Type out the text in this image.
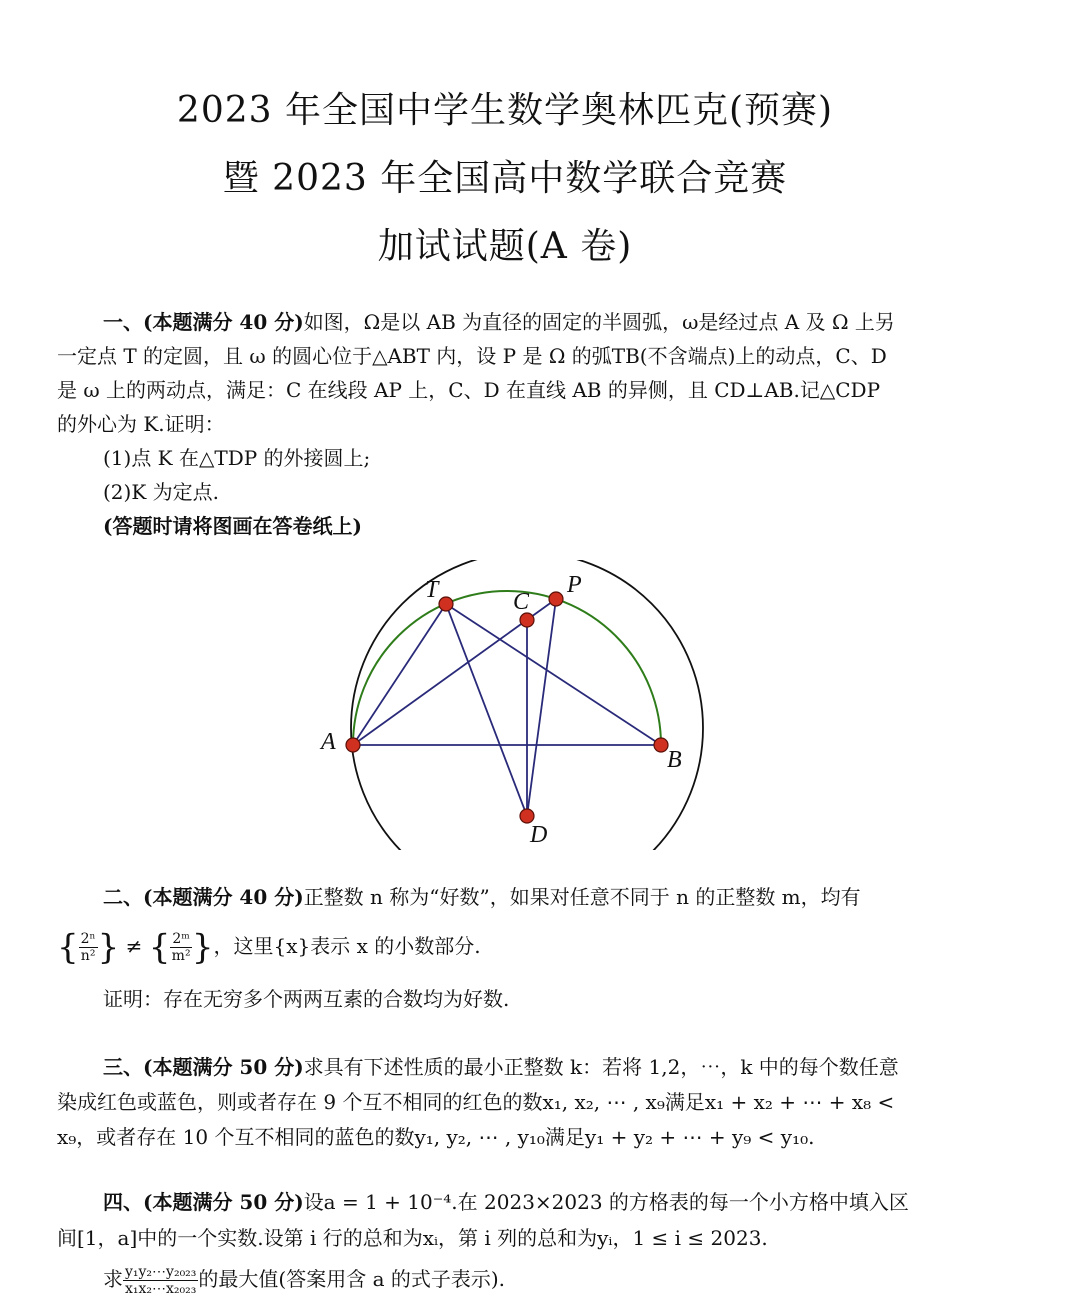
2023 年全国中学生数学奥林匹克(预赛)
暨 2023 年全国高中数学联合竞赛
加试试题(A 卷)
一、(本题满分 40 分)如图，Ω是以 AB 为直径的固定的半圆弧，ω是经过点 A 及 Ω 上另
一定点 T 的定圆，且 ω 的圆心位于△ABT 内，设 P 是 Ω 的弧TB(不含端点)上的动点，C、D
是 ω 上的两动点，满足：C 在线段 AP 上，C、D 在直线 AB 的异侧，且 CD⊥AB.记△CDP
的外心为 K.证明：
(1)点 K 在△TDP 的外接圆上;
(2)K 为定点.
(答题时请将图画在答卷纸上)
T	C
P
A
B
D
二、(本题满分 40 分)正整数 n 称为“好数”，如果对任意不同于 n 的正整数 m，均有
{ $\frac{\text{2ⁿ}}{\text{n²}}$ } ≠ { $\frac{\text{2ᵐ}}{\text{m²}}$ }，这里{x}表示 x 的小数部分.
证明：存在无穷多个两两互素的合数均为好数.
三、(本题满分 50 分)求具有下述性质的最小正整数 k：若将 1,2，⋯，k 中的每个数任意
染成红色或蓝色，则或者存在 9 个互不相同的红色的数x₁, x₂, ⋯ , x₉满足x₁ + x₂ + ⋯ + x₈ <
x₉，或者存在 10 个互不相同的蓝色的数y₁, y₂, ⋯ , y₁₀满足y₁ + y₂ + ⋯ + y₉ < y₁₀.
四、(本题满分 50 分)设a = 1 + 10⁻⁴.在 2023×2023 的方格表的每一个小方格中填入区
间[1，a]中的一个实数.设第 i 行的总和为xᵢ，第 i 列的总和为yᵢ，1 ≤ i ≤ 2023.
求 $\frac{\text{y₁y₂⋯y₂₀₂₃}}{\text{x₁x₂⋯x₂₀₂₃}}$ 的最大值(答案用含 a 的式子表示).
